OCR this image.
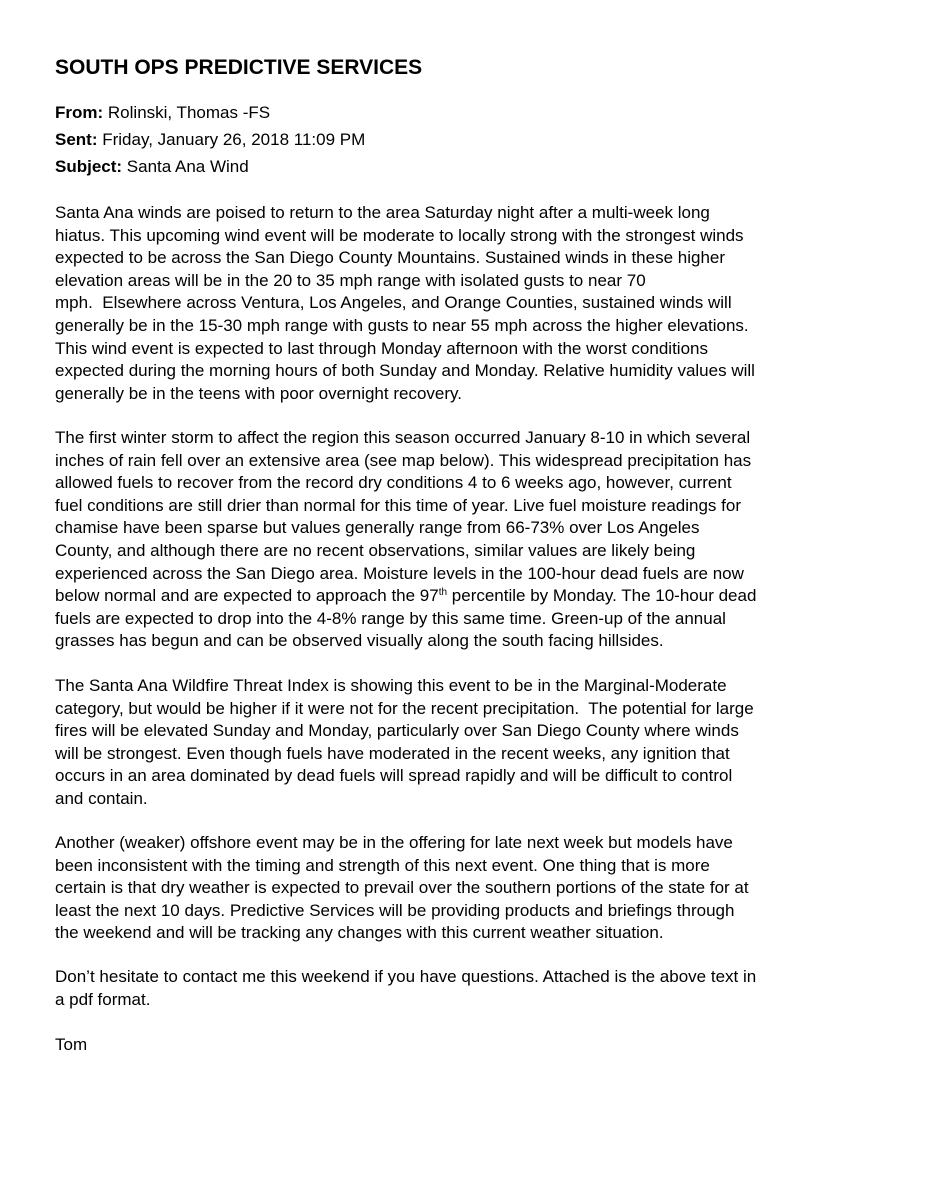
SOUTH OPS PREDICTIVE SERVICES
From: Rolinski, Thomas -FS
Sent: Friday, January 26, 2018 11:09 PM
Subject: Santa Ana Wind
Santa Ana winds are poised to return to the area Saturday night after a multi-week long
hiatus. This upcoming wind event will be moderate to locally strong with the strongest winds
expected to be across the San Diego County Mountains. Sustained winds in these higher
elevation areas will be in the 20 to 35 mph range with isolated gusts to near 70
mph.  Elsewhere across Ventura, Los Angeles, and Orange Counties, sustained winds will
generally be in the 15-30 mph range with gusts to near 55 mph across the higher elevations.
This wind event is expected to last through Monday afternoon with the worst conditions
expected during the morning hours of both Sunday and Monday. Relative humidity values will
generally be in the teens with poor overnight recovery.
The first winter storm to affect the region this season occurred January 8-10 in which several
inches of rain fell over an extensive area (see map below). This widespread precipitation has
allowed fuels to recover from the record dry conditions 4 to 6 weeks ago, however, current
fuel conditions are still drier than normal for this time of year. Live fuel moisture readings for
chamise have been sparse but values generally range from 66-73% over Los Angeles
County, and although there are no recent observations, similar values are likely being
experienced across the San Diego area. Moisture levels in the 100-hour dead fuels are now
below normal and are expected to approach the 97th percentile by Monday. The 10-hour dead
fuels are expected to drop into the 4-8% range by this same time. Green-up of the annual
grasses has begun and can be observed visually along the south facing hillsides.
The Santa Ana Wildfire Threat Index is showing this event to be in the Marginal-Moderate
category, but would be higher if it were not for the recent precipitation.  The potential for large
fires will be elevated Sunday and Monday, particularly over San Diego County where winds
will be strongest. Even though fuels have moderated in the recent weeks, any ignition that
occurs in an area dominated by dead fuels will spread rapidly and will be difficult to control
and contain.
Another (weaker) offshore event may be in the offering for late next week but models have
been inconsistent with the timing and strength of this next event. One thing that is more
certain is that dry weather is expected to prevail over the southern portions of the state for at
least the next 10 days. Predictive Services will be providing products and briefings through
the weekend and will be tracking any changes with this current weather situation.
Don’t hesitate to contact me this weekend if you have questions. Attached is the above text in
a pdf format.
Tom
